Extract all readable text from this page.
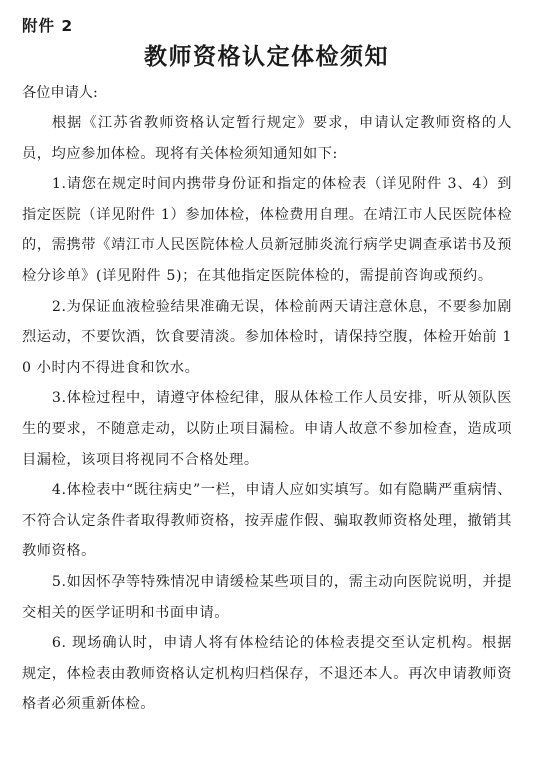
附件 2
教师资格认定体检须知
各位申请人:

根据《江苏省教师资格认定暂行规定》要求，申请认定教师资格的人员，均应参加体检。现将有关体检须知通知如下:

1.请您在规定时间内携带身份证和指定的体检表（详见附件 3、4）到指定医院（详见附件 1）参加体检，体检费用自理。在靖江市人民医院体检的，需携带《靖江市人民医院体检人员新冠肺炎流行病学史调查承诺书及预检分诊单》(详见附件 5)；在其他指定医院体检的，需提前咨询或预约。

2.为保证血液检验结果准确无误，体检前两天请注意休息，不要参加剧烈运动，不要饮酒，饮食要清淡。参加体检时，请保持空腹，体检开始前 10 小时内不得进食和饮水。

3.体检过程中，请遵守体检纪律，服从体检工作人员安排，听从领队医生的要求，不随意走动，以防止项目漏检。申请人故意不参加检查，造成项目漏检，该项目将视同不合格处理。

4.体检表中“既往病史”一栏，申请人应如实填写。如有隐瞒严重病情、不符合认定条件者取得教师资格，按弄虚作假、骗取教师资格处理，撤销其教师资格。

5.如因怀孕等特殊情况申请缓检某些项目的，需主动向医院说明，并提交相关的医学证明和书面申请。

6. 现场确认时，申请人将有体检结论的体检表提交至认定机构。根据规定，体检表由教师资格认定机构归档保存，不退还本人。再次申请教师资格者必须重新体检。
